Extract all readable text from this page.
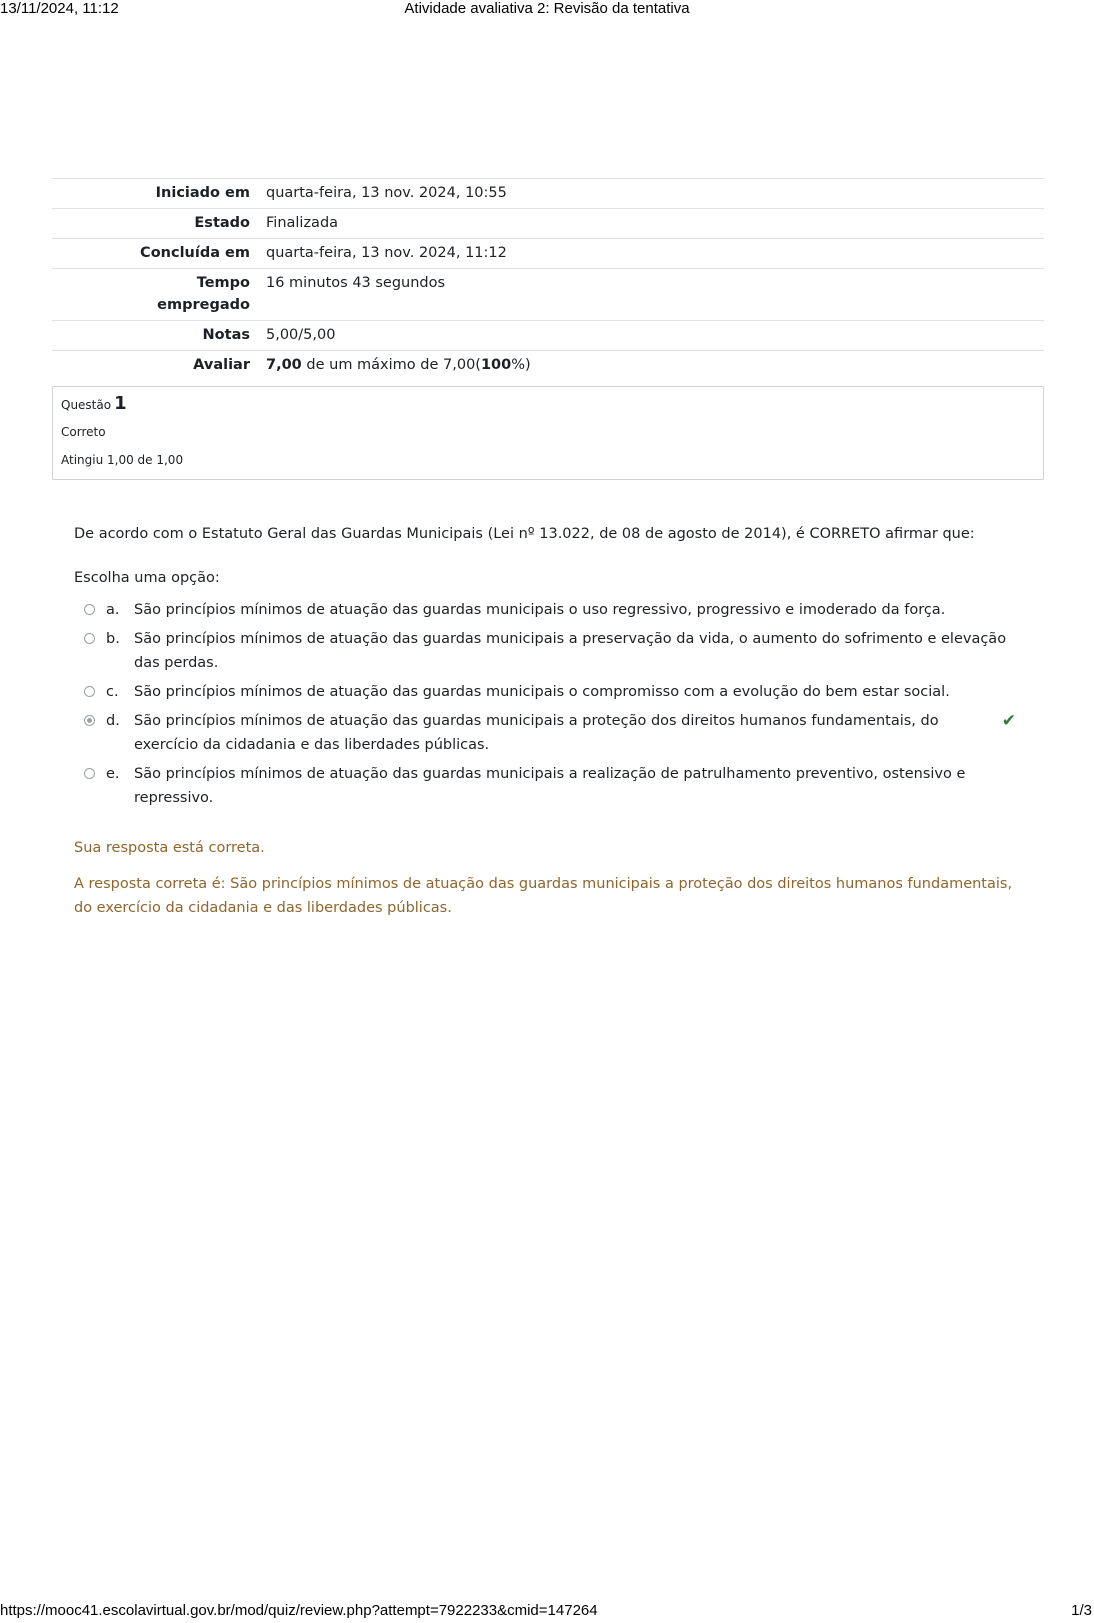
13/11/2024, 11:12	Atividade avaliativa 2: Revisão da tentativa
Iniciado em	quarta-feira, 13 nov. 2024, 10:55
Estado	Finalizada
Concluída em	quarta-feira, 13 nov. 2024, 11:12
Tempo
empregado	16 minutos 43 segundos
Notas	5,00/5,00
Avaliar	7,00 de um máximo de 7,00(100%)
Questão 1
Correto
Atingiu 1,00 de 1,00
De acordo com o Estatuto Geral das Guardas Municipais (Lei nº 13.022, de 08 de agosto de 2014), é CORRETO afirmar que:
Escolha uma opção:
a. São princípios mínimos de atuação das guardas municipais o uso regressivo, progressivo e imoderado da força.
b. São princípios mínimos de atuação das guardas municipais a preservação da vida, o aumento do sofrimento e elevação das perdas.
c. São princípios mínimos de atuação das guardas municipais o compromisso com a evolução do bem estar social.
d. São princípios mínimos de atuação das guardas municipais a proteção dos direitos humanos fundamentais, do exercício da cidadania e das liberdades públicas.
✔
e. São princípios mínimos de atuação das guardas municipais a realização de patrulhamento preventivo, ostensivo e repressivo.
Sua resposta está correta.
A resposta correta é: São princípios mínimos de atuação das guardas municipais a proteção dos direitos humanos fundamentais, do exercício da cidadania e das liberdades públicas.
https://mooc41.escolavirtual.gov.br/mod/quiz/review.php?attempt=7922233&cmid=147264	1/3
